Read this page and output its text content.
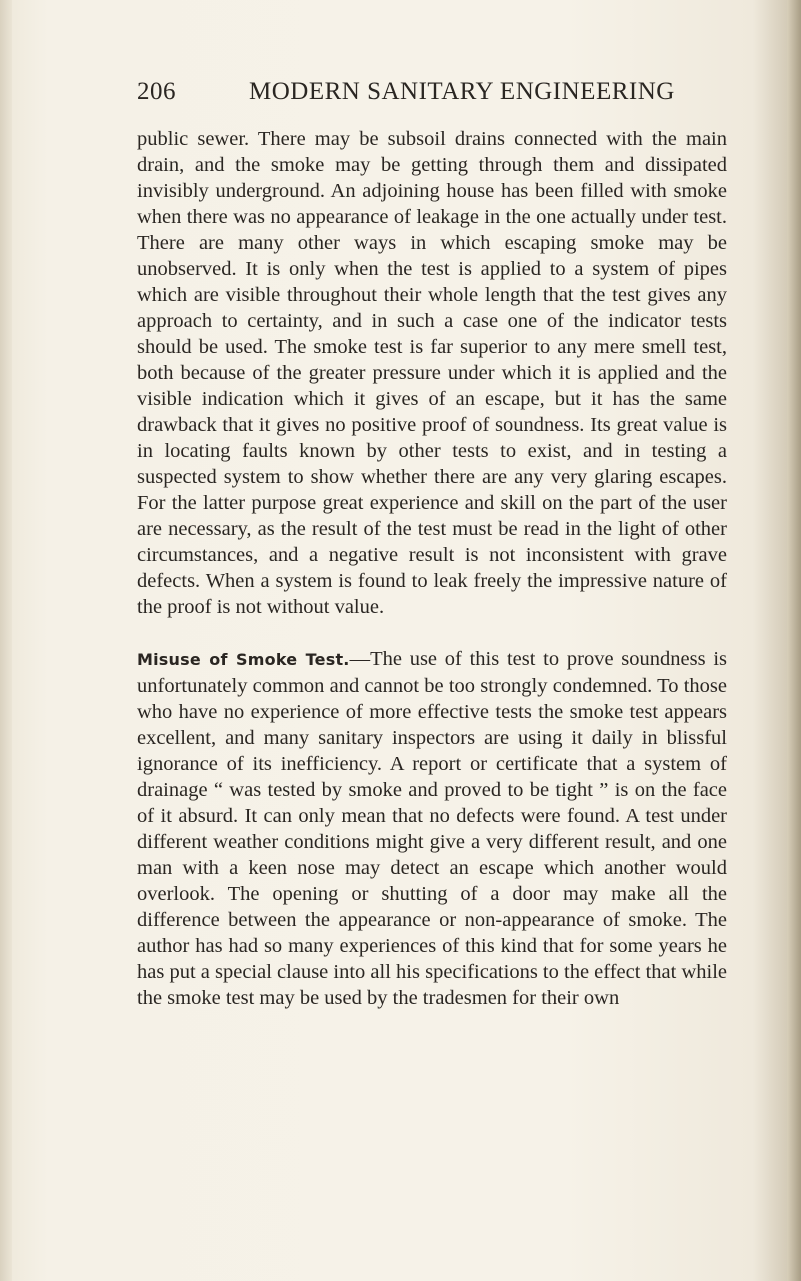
206	MODERN SANITARY ENGINEERING

public sewer. There may be subsoil drains connected with the main drain, and the smoke may be getting through them and dissipated invisibly underground. An adjoining house has been filled with smoke when there was no appearance of leakage in the one actually under test. There are many other ways in which escaping smoke may be unobserved. It is only when the test is applied to a system of pipes which are visible throughout their whole length that the test gives any approach to certainty, and in such a case one of the indicator tests should be used. The smoke test is far superior to any mere smell test, both because of the greater pressure under which it is applied and the visible indication which it gives of an escape, but it has the same drawback that it gives no positive proof of soundness. Its great value is in locating faults known by other tests to exist, and in testing a suspected system to show whether there are any very glaring escapes. For the latter purpose great experience and skill on the part of the user are necessary, as the result of the test must be read in the light of other circumstances, and a negative result is not inconsistent with grave defects. When a system is found to leak freely the impressive nature of the proof is not without value.

Misuse of Smoke Test.—The use of this test to prove soundness is unfortunately common and cannot be too strongly condemned. To those who have no experience of more effective tests the smoke test appears excellent, and many sanitary inspectors are using it daily in blissful ignorance of its inefficiency. A report or certificate that a system of drainage “ was tested by smoke and proved to be tight ” is on the face of it absurd. It can only mean that no defects were found. A test under different weather conditions might give a very different result, and one man with a keen nose may detect an escape which another would overlook. The opening or shutting of a door may make all the difference between the appearance or non-appearance of smoke. The author has had so many experiences of this kind that for some years he has put a special clause into all his specifications to the effect that while the smoke test may be used by the tradesmen for their own
